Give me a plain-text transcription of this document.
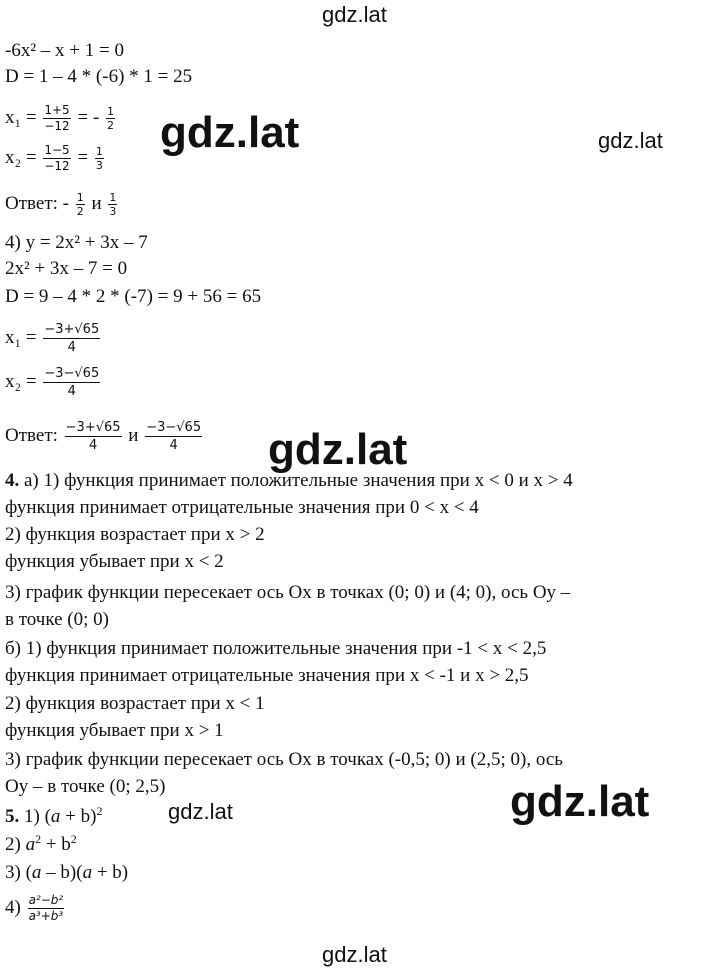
gdz.lat
gdz.lat	gdz.lat
gdz.lat
gdz.lat	gdz.lat
gdz.lat
-6x² – x + 1 = 0
D = 1 – 4 * (-6) * 1 = 25
$x_1 = \frac{1+5}{-12}$ = - $\frac{1}{2}$
$x_2 = \frac{1-5}{-12} = \frac{1}{3}$
Ответ: - $\frac{1}{2}$ и $\frac{1}{3}$
4) y = 2x² + 3x – 7
2x² + 3x – 7 = 0
D = 9 – 4 * 2 * (-7) = 9 + 56 = 65
$x_1 = \frac{-3+√65}{4}$
$x_2 = \frac{-3-√65}{4}$
Ответ: $\frac{-3+√65}{4}$ и $\frac{-3-√65}{4}$
4. а) 1) функция принимает положительные значения при x < 0 и x > 4
функция принимает отрицательные значения при 0 < x < 4
2) функция возрастает при x > 2
функция убывает при x < 2
3) график функции пересекает ось Ox в точках (0; 0) и (4; 0), ось Oy –
в точке (0; 0)
б) 1) функция принимает положительные значения при -1 < x < 2,5
функция принимает отрицательные значения при x < -1 и x > 2,5
2) функция возрастает при x < 1
функция убывает при x > 1
3) график функции пересекает ось Ox в точках (-0,5; 0) и (2,5; 0), ось
Oy – в точке (0; 2,5)
5. 1) $(a + b)^2$
2) $a^2 + b^2$
3) (a – b)(a + b)
$4) \frac{\text{a²−b²}}{\text{a³+b³}}$
